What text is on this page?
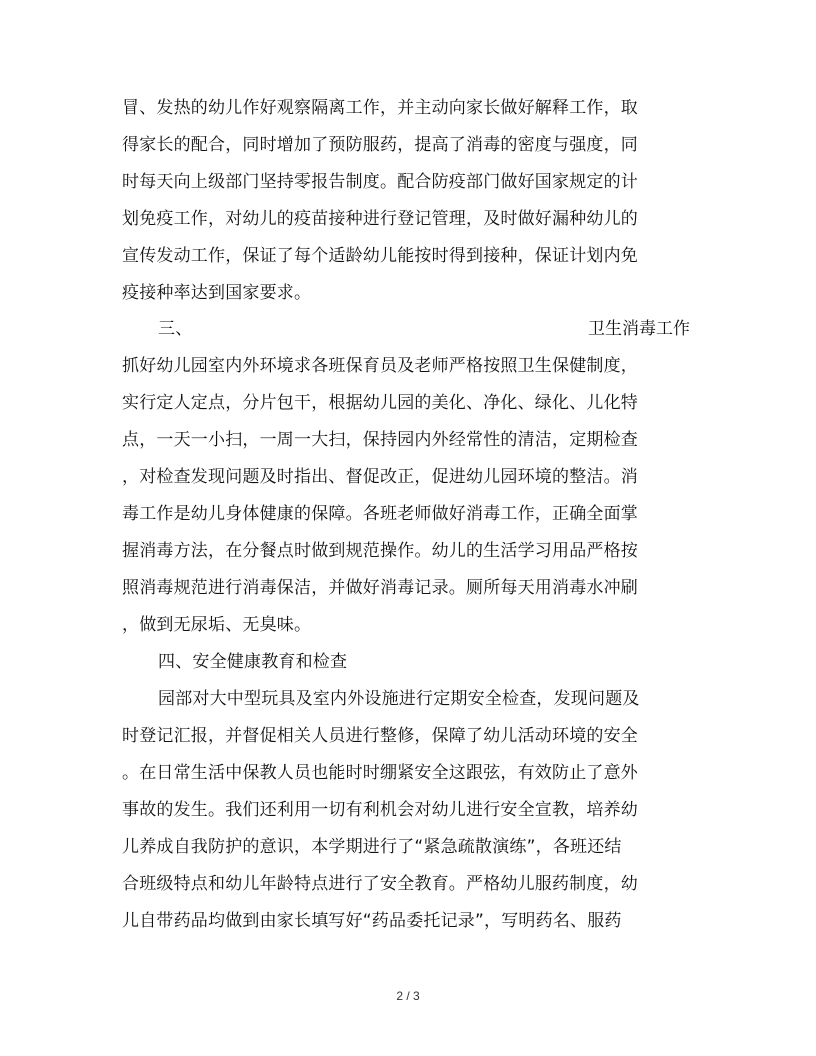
冒、发热的幼儿作好观察隔离工作，并主动向家长做好解释工作，取
得家长的配合，同时增加了预防服药，提高了消毒的密度与强度，同
时每天向上级部门坚持零报告制度。配合防疫部门做好国家规定的计
划免疫工作，对幼儿的疫苗接种进行登记管理，及时做好漏种幼儿的
宣传发动工作，保证了每个适龄幼儿能按时得到接种，保证计划内免
疫接种率达到国家要求。
三、	卫生消毒工作
抓好幼儿园室内外环境求各班保育员及老师严格按照卫生保健制度，
实行定人定点，分片包干，根据幼儿园的美化、净化、绿化、儿化特
点，一天一小扫，一周一大扫，保持园内外经常性的清洁，定期检查
，对检查发现问题及时指出、督促改正，促进幼儿园环境的整洁。消
毒工作是幼儿身体健康的保障。各班老师做好消毒工作，正确全面掌
握消毒方法，在分餐点时做到规范操作。幼儿的生活学习用品严格按
照消毒规范进行消毒保洁，并做好消毒记录。厕所每天用消毒水冲刷
，做到无尿垢、无臭味。
四、安全健康教育和检查
园部对大中型玩具及室内外设施进行定期安全检查，发现问题及
时登记汇报，并督促相关人员进行整修，保障了幼儿活动环境的安全
。在日常生活中保教人员也能时时绷紧安全这跟弦，有效防止了意外
事故的发生。我们还利用一切有利机会对幼儿进行安全宣教，培养幼
儿养成自我防护的意识，本学期进行了“紧急疏散演练”，各班还结
合班级特点和幼儿年龄特点进行了安全教育。严格幼儿服药制度，幼
儿自带药品均做到由家长填写好“药品委托记录”，写明药名、服药
2 / 3
